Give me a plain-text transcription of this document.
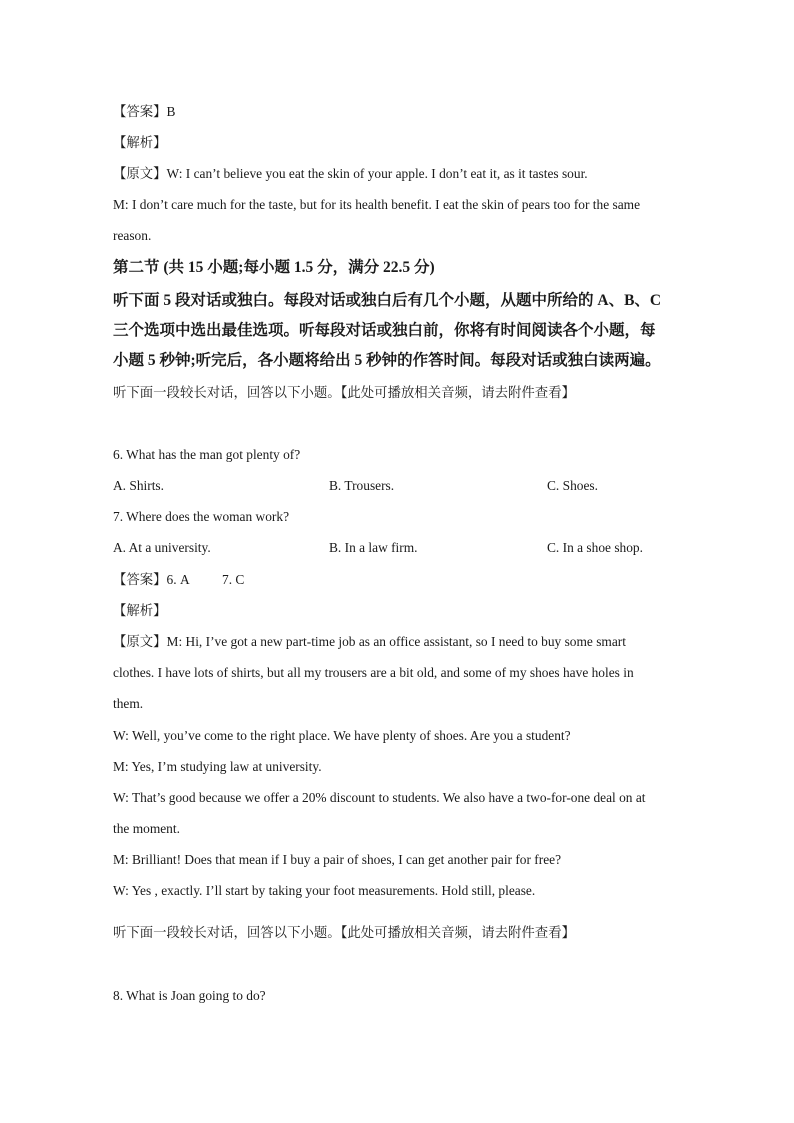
【答案】B
【解析】
【原文】W: I can’t believe you eat the skin of your apple. I don’t eat it, as it tastes sour.
M: I don’t care much for the taste, but for its health benefit. I eat the skin of pears too for the same
reason.
第二节 (共 15 小题;每小题 1.5 分，满分 22.5 分)
听下面 5 段对话或独白。每段对话或独白后有几个小题，从题中所给的 A、B、C
三个选项中选出最佳选项。听每段对话或独白前，你将有时间阅读各个小题，每
小题 5 秒钟;听完后，各小题将给出 5 秒钟的作答时间。每段对话或独白读两遍。
听下面一段较长对话，回答以下小题。【此处可播放相关音频，请去附件查看】
6. What has the man got plenty of?
A. Shirts.	B. Trousers.	C. Shoes.
7. Where does the woman work?
A. At a university.	B. In a law firm.	C. In a shoe shop.
【答案】6. A 7. C
【解析】
【原文】M: Hi, I’ve got a new part-time job as an office assistant, so I need to buy some smart
clothes. I have lots of shirts, but all my trousers are a bit old, and some of my shoes have holes in
them.
W: Well, you’ve come to the right place. We have plenty of shoes. Are you a student?
M: Yes, I’m studying law at university.
W: That’s good because we offer a 20% discount to students. We also have a two-for-one deal on at
the moment.
M: Brilliant! Does that mean if I buy a pair of shoes, I can get another pair for free?
W: Yes , exactly. I’ll start by taking your foot measurements. Hold still, please.
听下面一段较长对话，回答以下小题。【此处可播放相关音频，请去附件查看】
8. What is Joan going to do?
